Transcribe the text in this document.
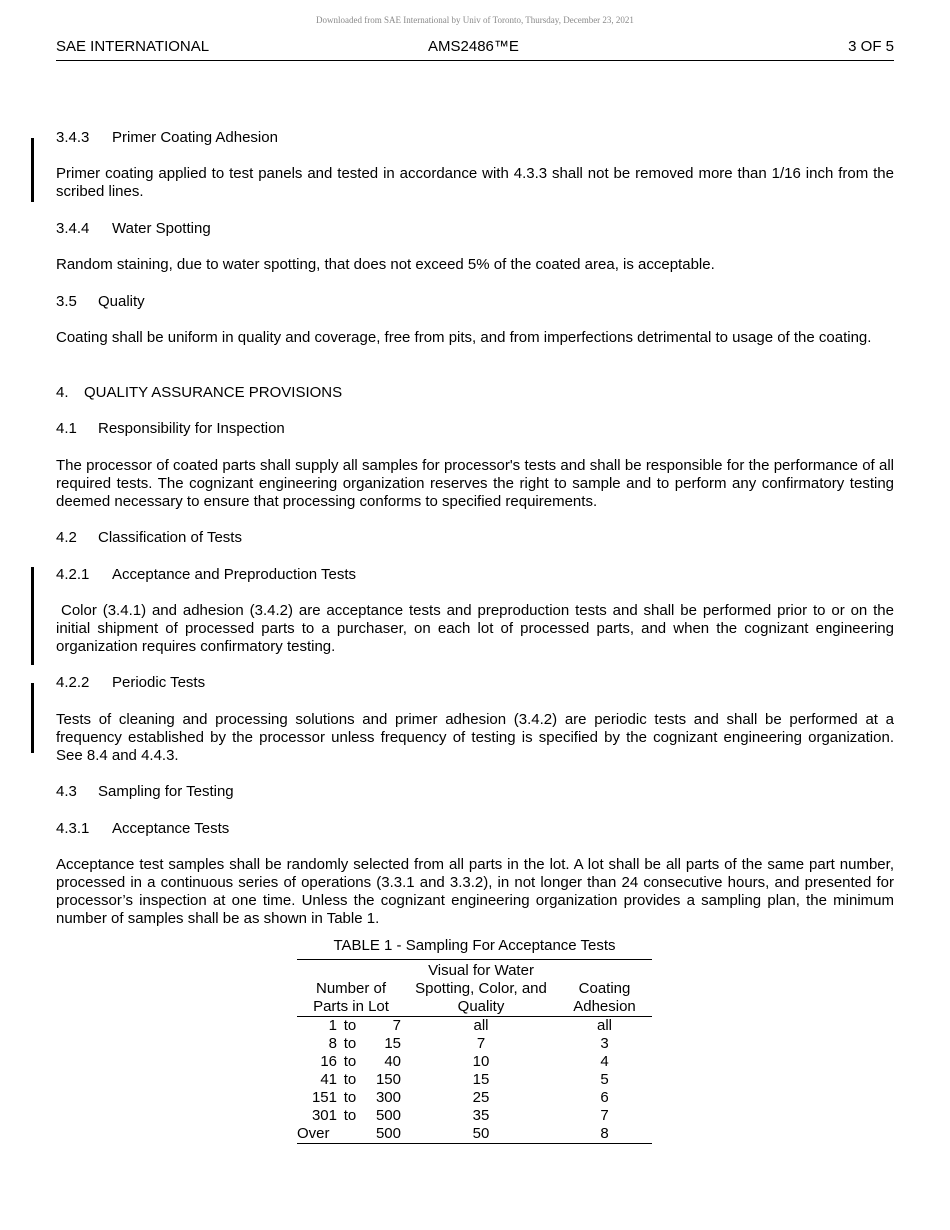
Downloaded from SAE International by Univ of Toronto, Thursday, December 23, 2021
SAE INTERNATIONAL	AMS2486™E	3 OF 5
3.4.3 Primer Coating Adhesion

Primer coating applied to test panels and tested in accordance with 4.3.3 shall not be removed more than 1/16 inch from the scribed lines.

3.4.4 Water Spotting

Random staining, due to water spotting, that does not exceed 5% of the coated area, is acceptable.

3.5 Quality

Coating shall be uniform in quality and coverage, free from pits, and from imperfections detrimental to usage of the coating.

4. QUALITY ASSURANCE PROVISIONS
4.1 Responsibility for Inspection

The processor of coated parts shall supply all samples for processor's tests and shall be responsible for the performance of all required tests. The cognizant engineering organization reserves the right to sample and to perform any confirmatory testing deemed necessary to ensure that processing conforms to specified requirements.

4.2 Classification of Tests
4.2.1 Acceptance and Preproduction Tests

Color (3.4.1) and adhesion (3.4.2) are acceptance tests and preproduction tests and shall be performed prior to or on the initial shipment of processed parts to a purchaser, on each lot of processed parts, and when the cognizant engineering organization requires confirmatory testing.

4.2.2 Periodic Tests

Tests of cleaning and processing solutions and primer adhesion (3.4.2) are periodic tests and shall be performed at a frequency established by the processor unless frequency of testing is specified by the cognizant engineering organization. See 8.4 and 4.4.3.

4.3 Sampling for Testing
4.3.1 Acceptance Tests

Acceptance test samples shall be randomly selected from all parts in the lot. A lot shall be all parts of the same part number, processed in a continuous series of operations (3.3.1 and 3.3.2), in not longer than 24 consecutive hours, and presented for processor’s inspection at one time. Unless the cognizant engineering organization provides a sampling plan, the minimum number of samples shall be as shown in Table 1.

TABLE 1 - Sampling For Acceptance Tests
Number of Parts in Lot	Visual for Water Spotting, Color, and Quality	Coating Adhesion

1 to 7	all	all

8 to 15	7	3

16 to 40	10	4

41 to 150	15	5

151 to 300	25	6

301 to 500	35	7

Over 500	50	8
